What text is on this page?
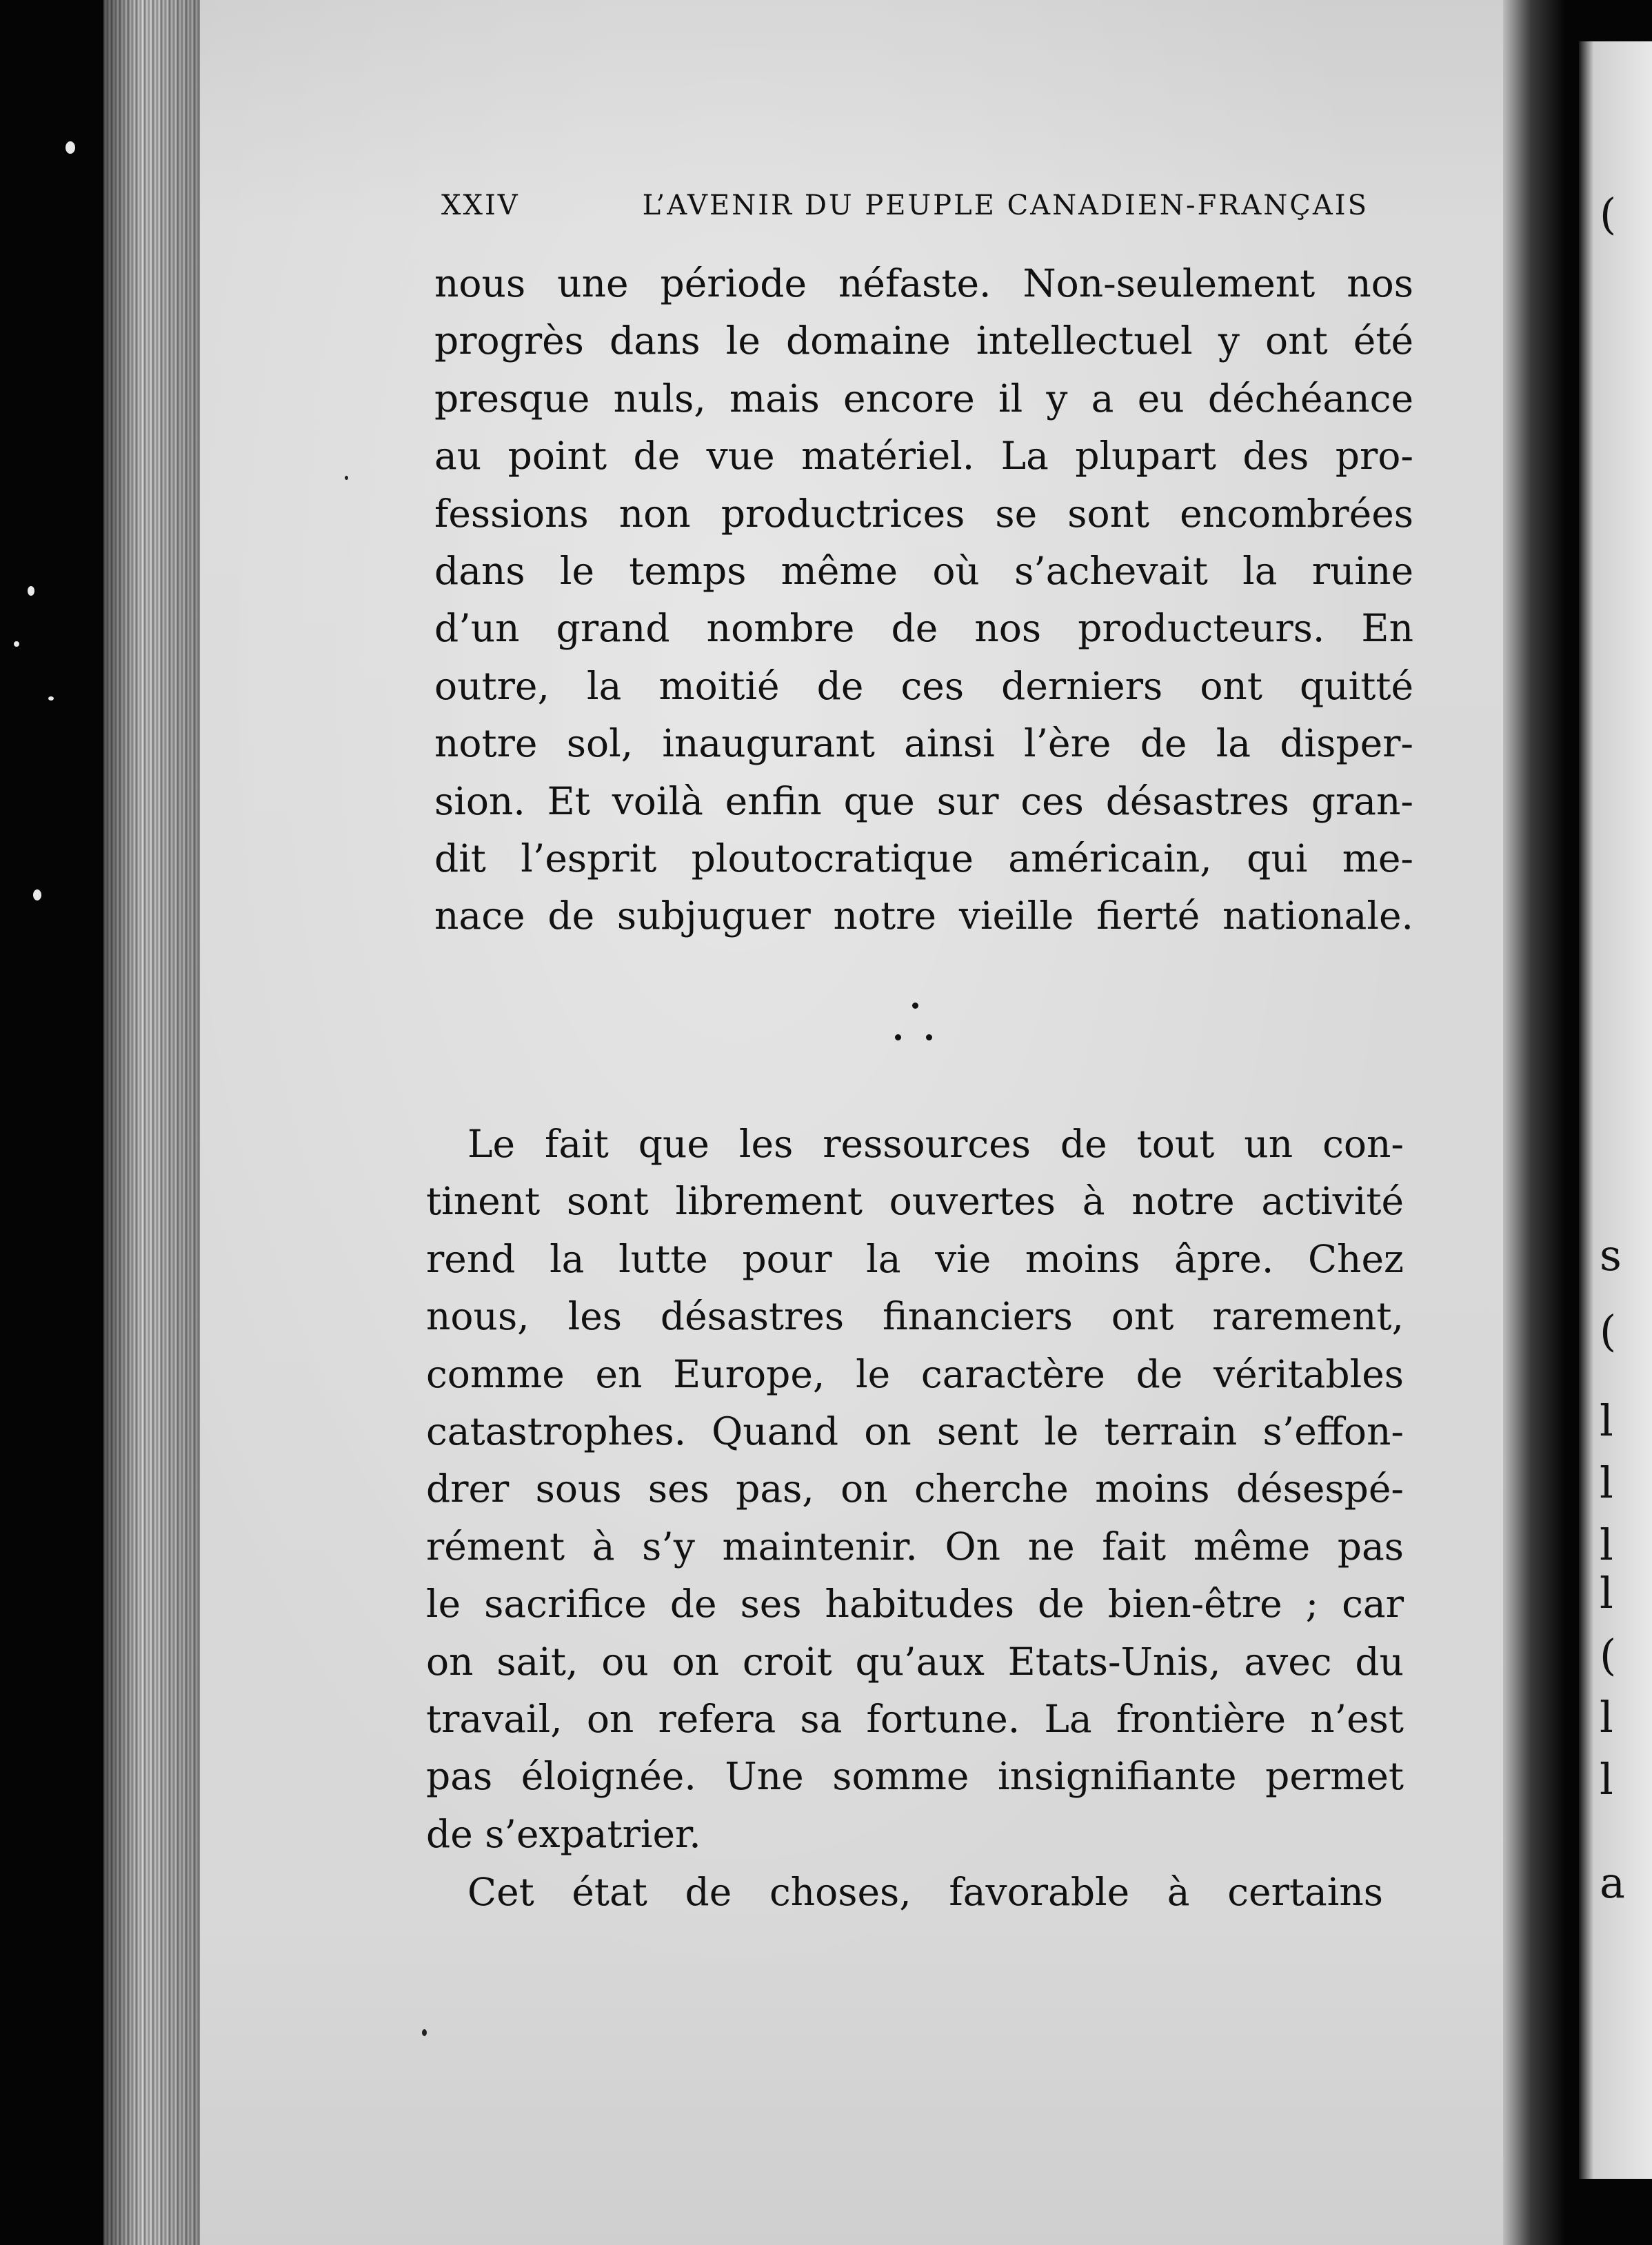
(
l
s
(
l
l
l
(
l
l
a
XXIV	L’AVENIR DU PEUPLE CANADIEN-FRANÇAIS
nous une période néfaste. Non-seulement nos
progrès dans le domaine intellectuel y ont été
presque nuls, mais encore il y a eu déchéance
au point de vue matériel. La plupart des pro-
fessions non productrices se sont encombrées
dans le temps même où s’achevait la ruine
d’un grand nombre de nos producteurs. En
outre, la moitié de ces derniers ont quitté
notre sol, inaugurant ainsi l’ère de la disper-
sion. Et voilà enfin que sur ces désastres gran-
dit l’esprit ploutocratique américain, qui me-
nace de subjuguer notre vieille fierté nationale.
Le fait que les ressources de tout un con-
tinent sont librement ouvertes à notre activité
rend la lutte pour la vie moins âpre. Chez
nous, les désastres financiers ont rarement,
comme en Europe, le caractère de véritables
catastrophes. Quand on sent le terrain s’effon-
drer sous ses pas, on cherche moins désespé-
rément à s’y maintenir. On ne fait même pas
le sacrifice de ses habitudes de bien-être ; car
on sait, ou on croit qu’aux Etats-Unis, avec du
travail, on refera sa fortune. La frontière n’est
pas éloignée. Une somme insignifiante permet
de s’expatrier.
Cet état de choses, favorable à certains
